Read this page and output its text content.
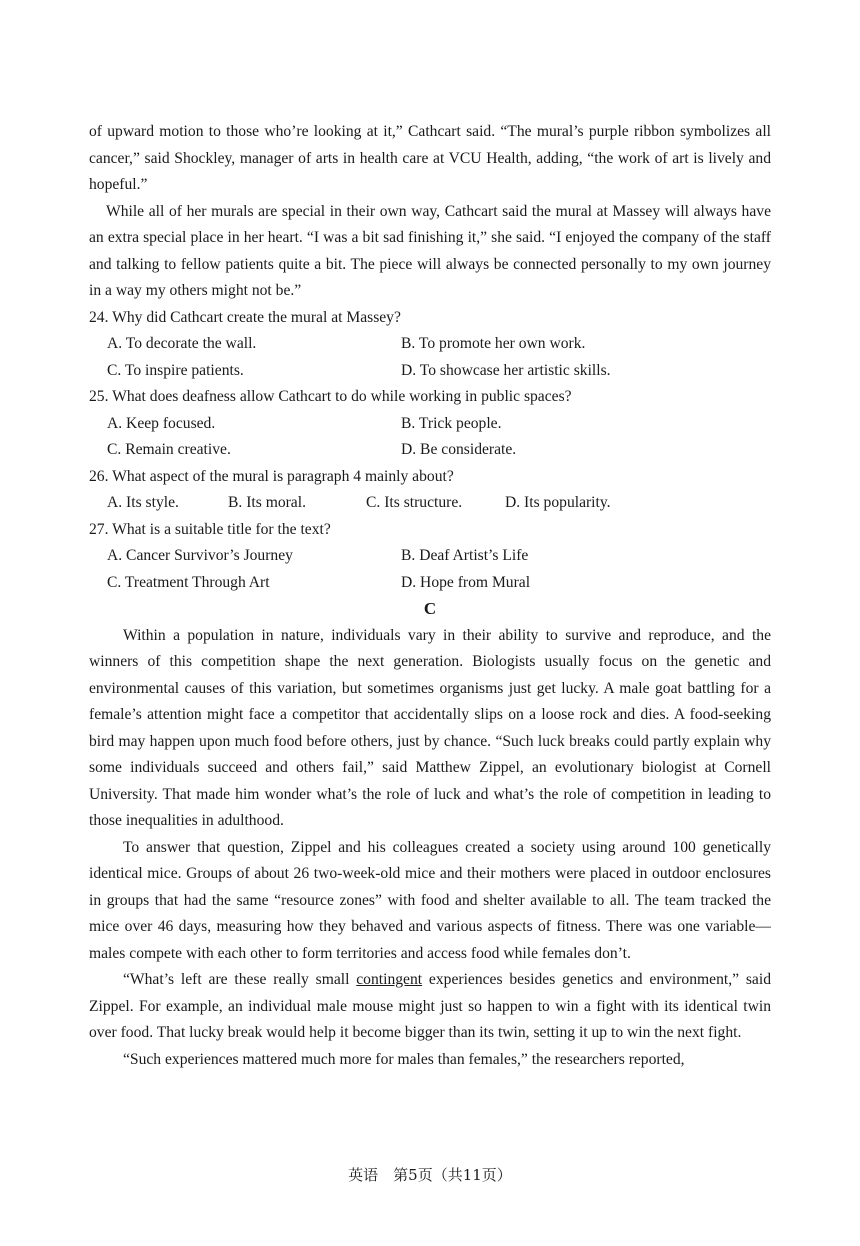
of upward motion to those who’re looking at it,” Cathcart said. “The mural’s purple ribbon symbolizes all cancer,” said Shockley, manager of arts in health care at VCU Health, adding, “the work of art is lively and hopeful.”

While all of her murals are special in their own way, Cathcart said the mural at Massey will always have an extra special place in her heart. “I was a bit sad finishing it,” she said. “I enjoyed the company of the staff and talking to fellow patients quite a bit. The piece will always be connected personally to my own journey in a way my others might not be.”

24. Why did Cathcart create the mural at Massey?
A. To decorate the wall.	B. To promote her own work.
C. To inspire patients.	D. To showcase her artistic skills.
25. What does deafness allow Cathcart to do while working in public spaces?
A. Keep focused.	B. Trick people.
C. Remain creative.	D. Be considerate.
26. What aspect of the mural is paragraph 4 mainly about?
A. Its style.	B. Its moral.	C. Its structure.	D. Its popularity.
27. What is a suitable title for the text?
A. Cancer Survivor’s Journey	B. Deaf Artist’s Life
C. Treatment Through Art	D. Hope from Mural
C

Within a population in nature, individuals vary in their ability to survive and reproduce, and the winners of this competition shape the next generation. Biologists usually focus on the genetic and environmental causes of this variation, but sometimes organisms just get lucky. A male goat battling for a female’s attention might face a competitor that accidentally slips on a loose rock and dies. A food-seeking bird may happen upon much food before others, just by chance. “Such luck breaks could partly explain why some individuals succeed and others fail,” said Matthew Zippel, an evolutionary biologist at Cornell University. That made him wonder what’s the role of luck and what’s the role of competition in leading to those inequalities in adulthood.

To answer that question, Zippel and his colleagues created a society using around 100 genetically identical mice. Groups of about 26 two-week-old mice and their mothers were placed in outdoor enclosures in groups that had the same “resource zones” with food and shelter available to all. The team tracked the mice over 46 days, measuring how they behaved and various aspects of fitness. There was one variable—males compete with each other to form territories and access food while females don’t.

“What’s left are these really small contingent experiences besides genetics and environment,” said Zippel. For example, an individual male mouse might just so happen to win a fight with its identical twin over food. That lucky break would help it become bigger than its twin, setting it up to win the next fight.

“Such experiences mattered much more for males than females,” the researchers reported,

英语　第5页（共11页）
